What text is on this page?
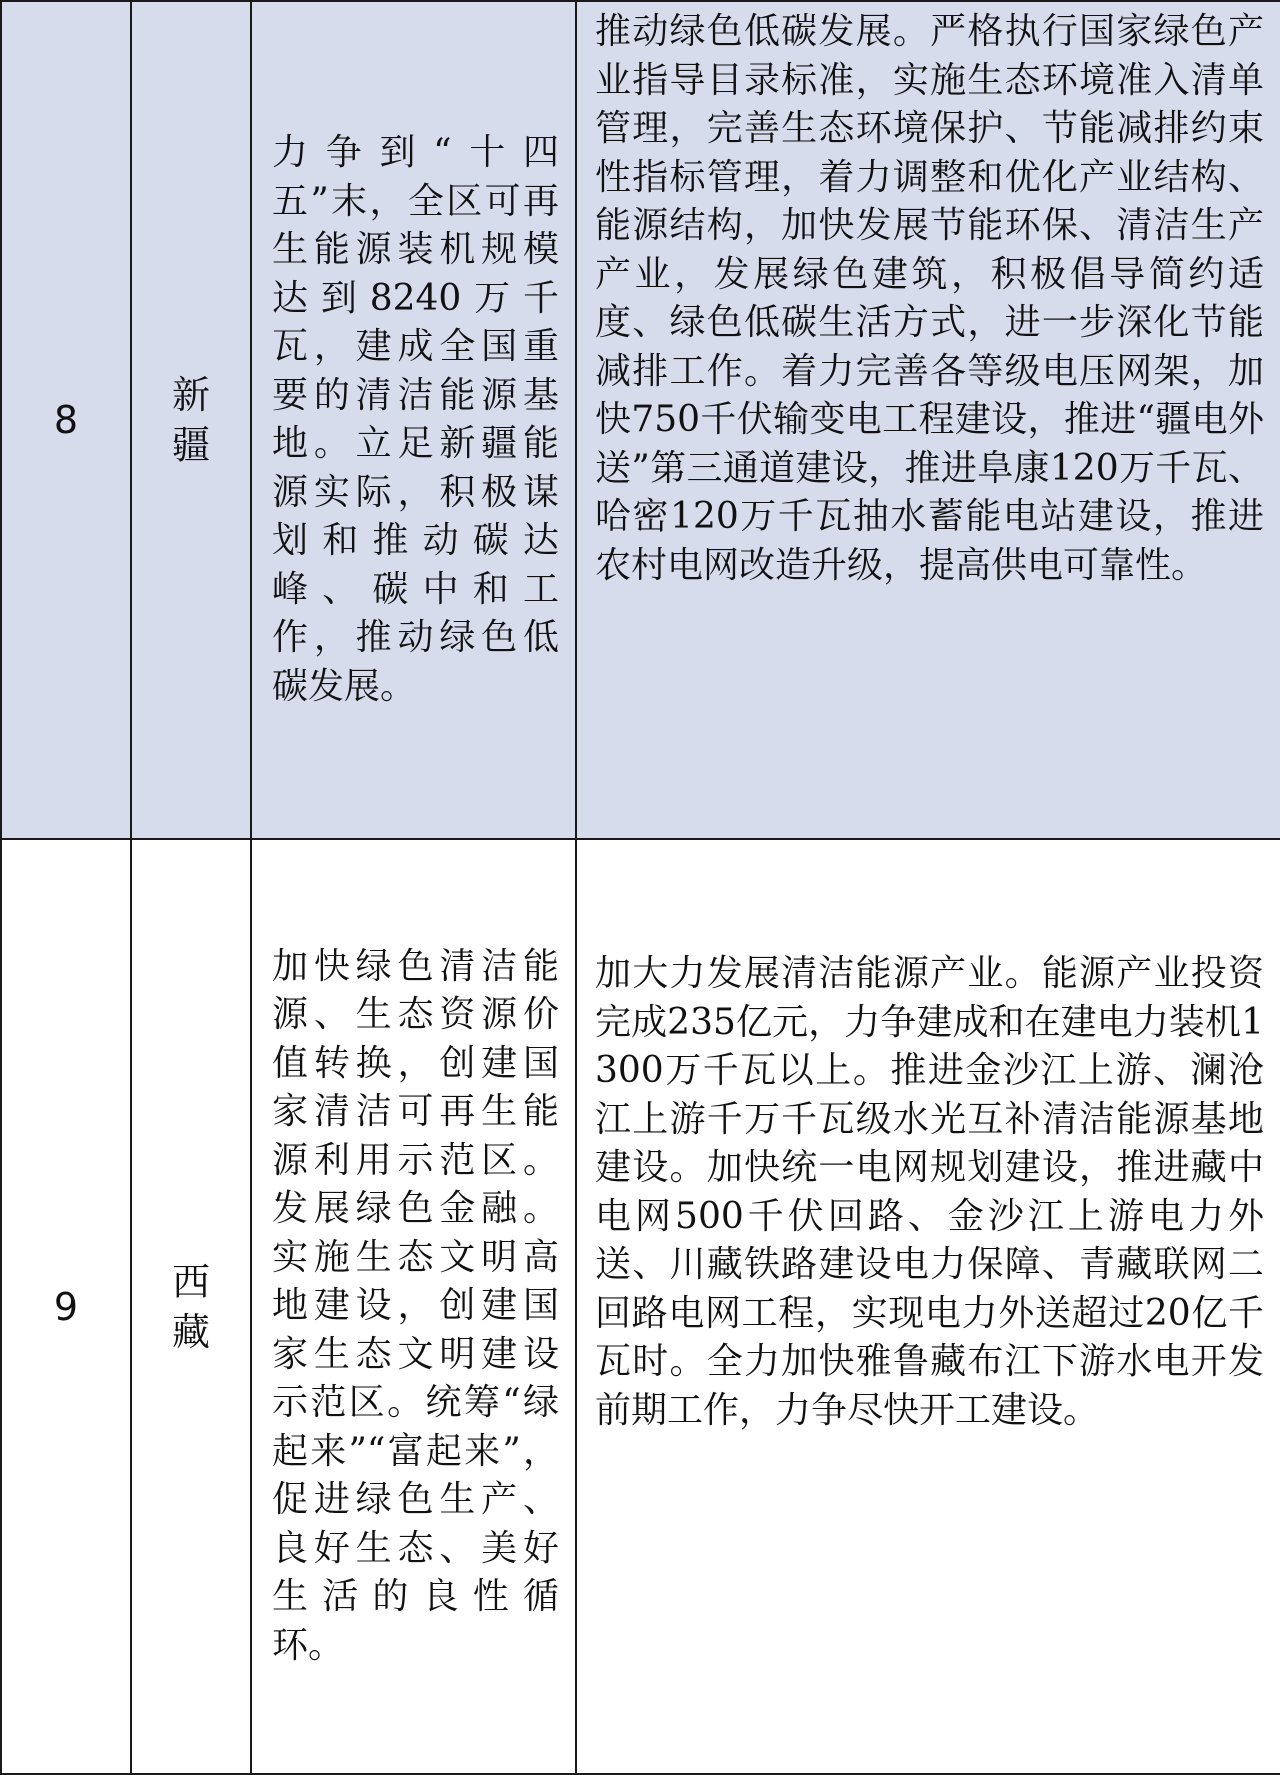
8	新疆	力争到“十四五”末，全区可再生能源装机规模达到8240万千瓦，建成全国重要的清洁能源基地。立足新疆能源实际，积极谋划和推动碳达峰、碳中和工作，推动绿色低碳发展。	推动绿色低碳发展。严格执行国家绿色产业指导目录标准，实施生态环境准入清单管理，完善生态环境保护、节能减排约束性指标管理，着力调整和优化产业结构、能源结构，加快发展节能环保、清洁生产产业，发展绿色建筑，积极倡导简约适度、绿色低碳生活方式，进一步深化节能减排工作。着力完善各等级电压网架，加快750千伏输变电工程建设，推进“疆电外送”第三通道建设，推进阜康120万千瓦、哈密120万千瓦抽水蓄能电站建设，推进农村电网改造升级，提高供电可靠性。

9	西藏	加快绿色清洁能源、生态资源价值转换，创建国家清洁可再生能源利用示范区。发展绿色金融。实施生态文明高地建设，创建国家生态文明建设示范区。统筹“绿起来”“富起来”，促进绿色生产、良好生态、美好生活的良性循环。	加大力发展清洁能源产业。能源产业投资完成235亿元，力争建成和在建电力装机1300万千瓦以上。推进金沙江上游、澜沧江上游千万千瓦级水光互补清洁能源基地建设。加快统一电网规划建设，推进藏中电网500千伏回路、金沙江上游电力外送、川藏铁路建设电力保障、青藏联网二回路电网工程，实现电力外送超过20亿千瓦时。全力加快雅鲁藏布江下游水电开发前期工作，力争尽快开工建设。
